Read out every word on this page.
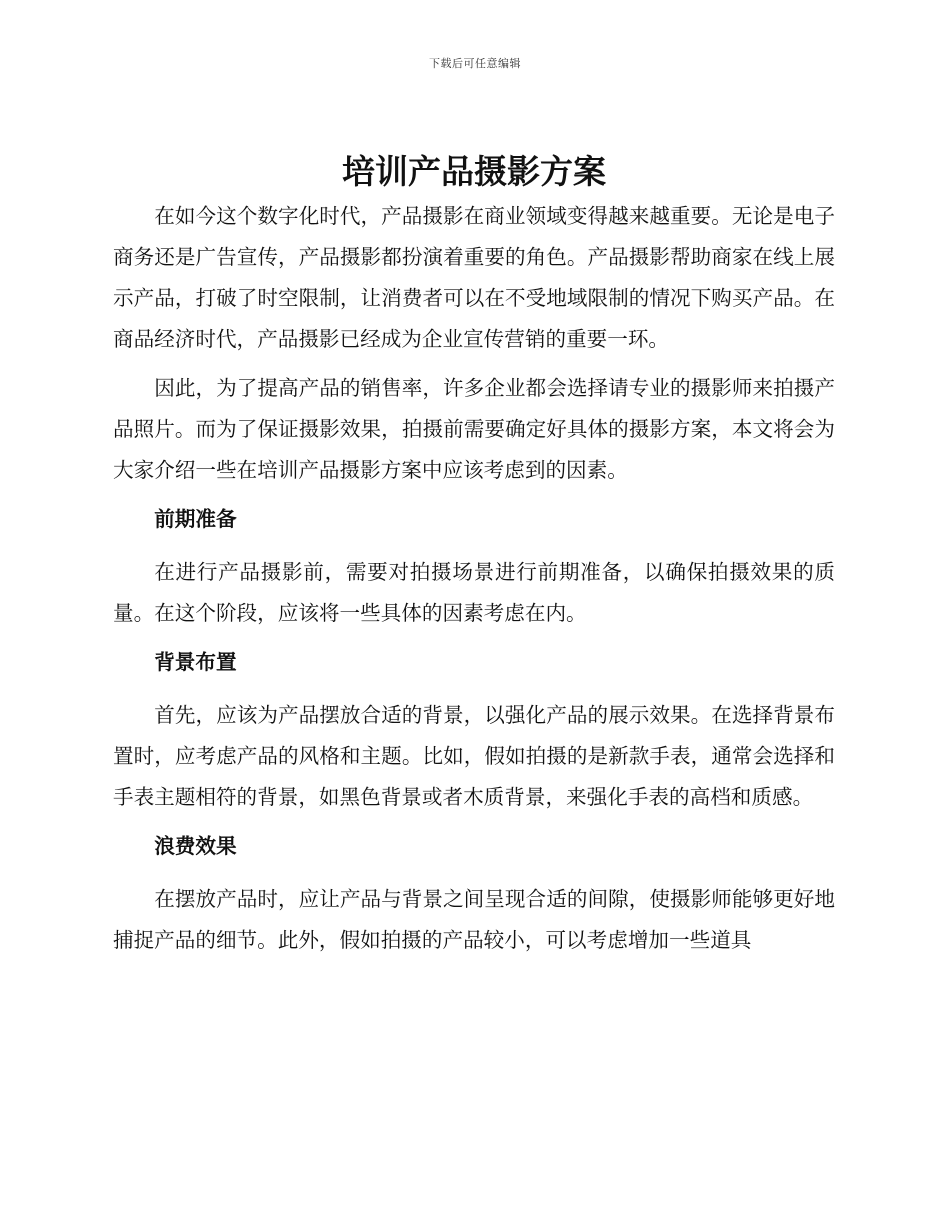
下载后可任意编辑
培训产品摄影方案

在如今这个数字化时代，产品摄影在商业领域变得越来越重要。无论是电子商务还是广告宣传，产品摄影都扮演着重要的角色。产品摄影帮助商家在线上展示产品，打破了时空限制，让消费者可以在不受地域限制的情况下购买产品。在商品经济时代，产品摄影已经成为企业宣传营销的重要一环。

因此，为了提高产品的销售率，许多企业都会选择请专业的摄影师来拍摄产品照片。而为了保证摄影效果，拍摄前需要确定好具体的摄影方案，本文将会为大家介绍一些在培训产品摄影方案中应该考虑到的因素。

前期准备

在进行产品摄影前，需要对拍摄场景进行前期准备，以确保拍摄效果的质量。在这个阶段，应该将一些具体的因素考虑在内。

背景布置

首先，应该为产品摆放合适的背景，以强化产品的展示效果。在选择背景布置时，应考虑产品的风格和主题。比如，假如拍摄的是新款手表，通常会选择和手表主题相符的背景，如黑色背景或者木质背景，来强化手表的高档和质感。

浪费效果

在摆放产品时，应让产品与背景之间呈现合适的间隙，使摄影师能够更好地捕捉产品的细节。此外，假如拍摄的产品较小，可以考虑增加一些道具
